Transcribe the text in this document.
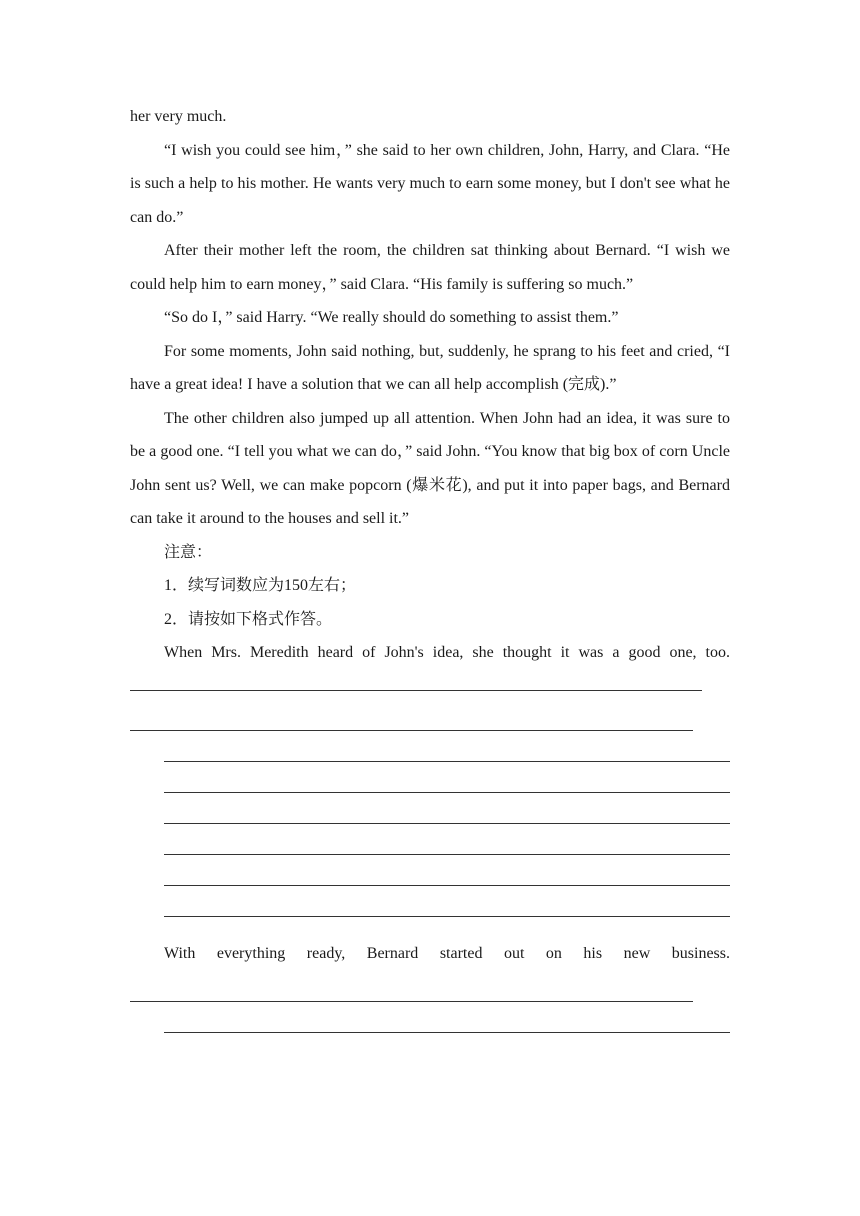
her very much.

“I wish you could see him，” she said to her own children, John, Harry, and Clara. “He is such a help to his mother. He wants very much to earn some money, but I don't see what he can do.”

After their mother left the room, the children sat thinking about Bernard. “I wish we could help him to earn money，” said Clara. “His family is suffering so much.”

“So do I，” said Harry. “We really should do something to assist them.”

For some moments, John said nothing, but, suddenly, he sprang to his feet and cried, “I have a great idea! I have a solution that we can all help accomplish (完成).”

The other children also jumped up all attention. When John had an idea, it was sure to be a good one. “I tell you what we can do，” said John. “You know that big box of corn Uncle John sent us? Well, we can make popcorn (爆米花), and put it into paper bags, and Bernard can take it around to the houses and sell it.”

注意：

1．续写词数应为150左右；

2．请按如下格式作答。

When Mrs. Meredith heard of John's idea, she thought it was a good one, too.

With everything ready, Bernard started out on his new business.
